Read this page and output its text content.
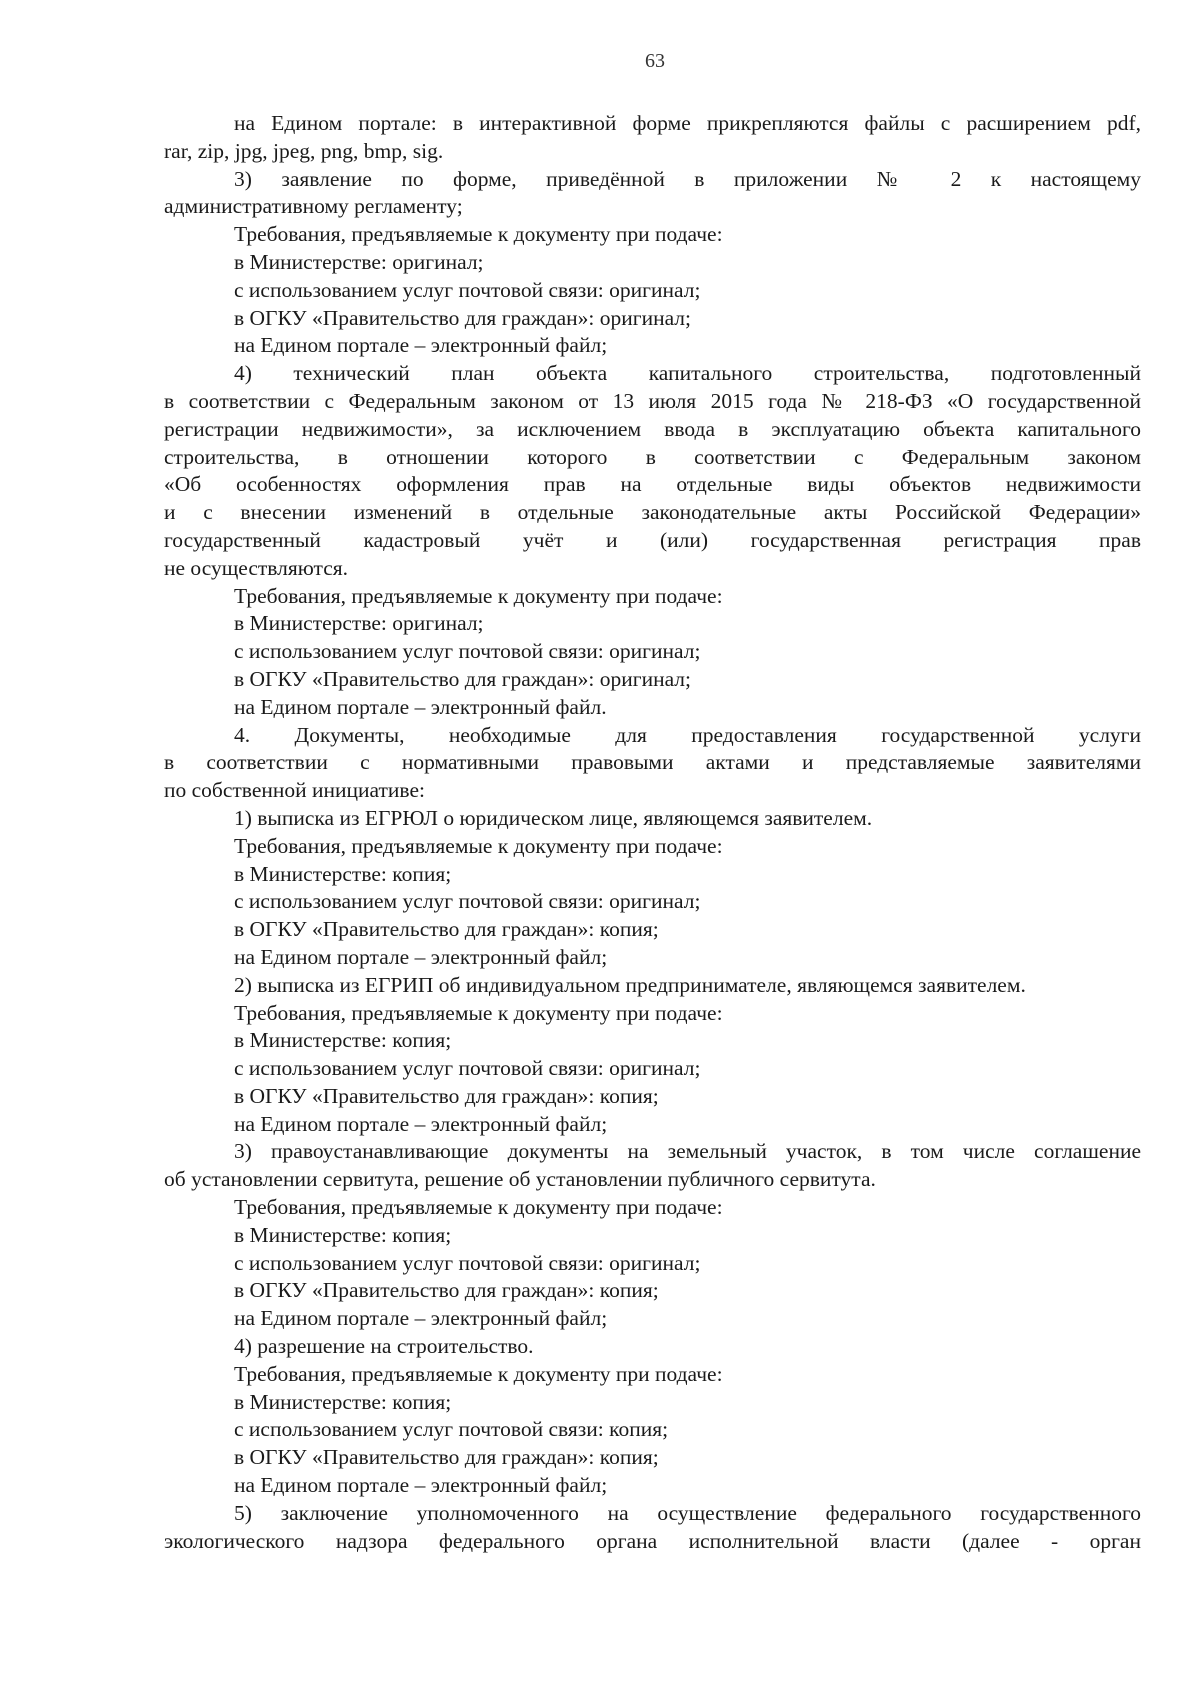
63
на Едином портале: в интерактивной форме прикрепляются файлы с расширением pdf,
rar, zip, jpg, jpeg, png, bmp, sig.
3) заявление по форме, приведённой в приложении № 2 к настоящему
административному регламенту;
Требования, предъявляемые к документу при подаче:
в Министерстве: оригинал;
с использованием услуг почтовой связи: оригинал;
в ОГКУ «Правительство для граждан»: оригинал;
на Едином портале – электронный файл;
4) технический план объекта капитального строительства, подготовленный
в соответствии с Федеральным законом от 13 июля 2015 года № 218-ФЗ «О государственной
регистрации недвижимости», за исключением ввода в эксплуатацию объекта капитального
строительства, в отношении которого в соответствии с Федеральным законом
«Об особенностях оформления прав на отдельные виды объектов недвижимости
и с внесении изменений в отдельные законодательные акты Российской Федерации»
государственный кадастровый учёт и (или) государственная регистрация прав
не осуществляются.
Требования, предъявляемые к документу при подаче:
в Министерстве: оригинал;
с использованием услуг почтовой связи: оригинал;
в ОГКУ «Правительство для граждан»: оригинал;
на Едином портале – электронный файл.
4. Документы, необходимые для предоставления государственной услуги
в соответствии с нормативными правовыми актами и представляемые заявителями
по собственной инициативе:
1) выписка из ЕГРЮЛ о юридическом лице, являющемся заявителем.
Требования, предъявляемые к документу при подаче:
в Министерстве: копия;
с использованием услуг почтовой связи: оригинал;
в ОГКУ «Правительство для граждан»: копия;
на Едином портале – электронный файл;
2) выписка из ЕГРИП об индивидуальном предпринимателе, являющемся заявителем.
Требования, предъявляемые к документу при подаче:
в Министерстве: копия;
с использованием услуг почтовой связи: оригинал;
в ОГКУ «Правительство для граждан»: копия;
на Едином портале – электронный файл;
3) правоустанавливающие документы на земельный участок, в том числе соглашение
об установлении сервитута, решение об установлении публичного сервитута.
Требования, предъявляемые к документу при подаче:
в Министерстве: копия;
с использованием услуг почтовой связи: оригинал;
в ОГКУ «Правительство для граждан»: копия;
на Едином портале – электронный файл;
4) разрешение на строительство.
Требования, предъявляемые к документу при подаче:
в Министерстве: копия;
с использованием услуг почтовой связи: копия;
в ОГКУ «Правительство для граждан»: копия;
на Едином портале – электронный файл;
5) заключение уполномоченного на осуществление федерального государственного
экологического надзора федерального органа исполнительной власти (далее - орган
